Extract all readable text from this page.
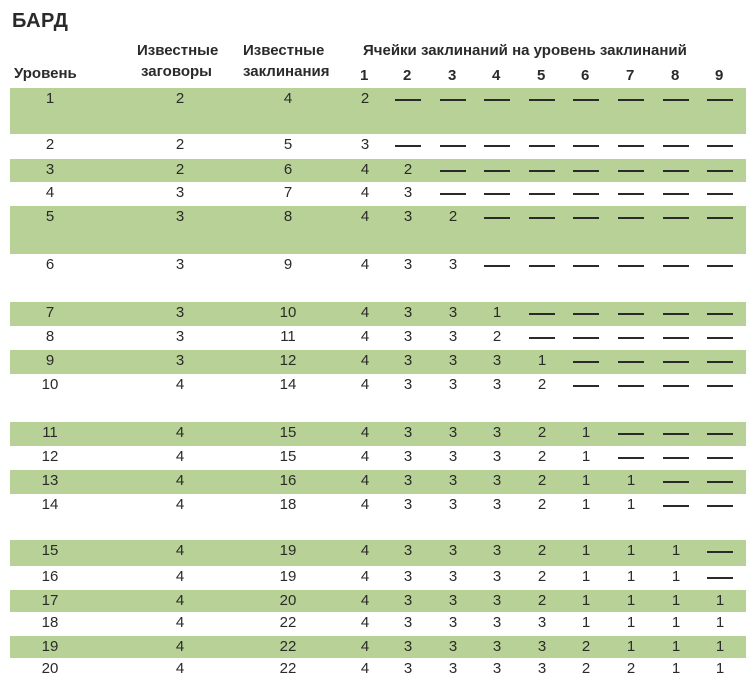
БАРД
Уровень
Известные
заговоры
Известные
заклинания
Ячейки заклинаний на уровень заклинаний
1 2 3 4 5 6 7 8 9
1	2	4	2
2	2	5	3
3	2	6	4	2
4	3	7	4	3
5	3	8	4	3	2
6	3	9	4	3	3
7	3	10	4	3	3	1
8	3	11	4	3	3	2
9	3	12	4	3	3	3	1
10	4	14	4	3	3	3	2
11	4	15	4	3	3	3	2	1
12	4	15	4	3	3	3	2	1
13	4	16	4	3	3	3	2	1	1
14	4	18	4	3	3	3	2	1	1
15	4	19	4	3	3	3	2	1	1	1
16	4	19	4	3	3	3	2	1	1	1
17	4	20	4	3	3	3	2	1	1	1	1
18	4	22	4	3	3	3	3	1	1	1	1
19	4	22	4	3	3	3	3	2	1	1	1
20	4	22	4	3	3	3	3	2	2	1	1
